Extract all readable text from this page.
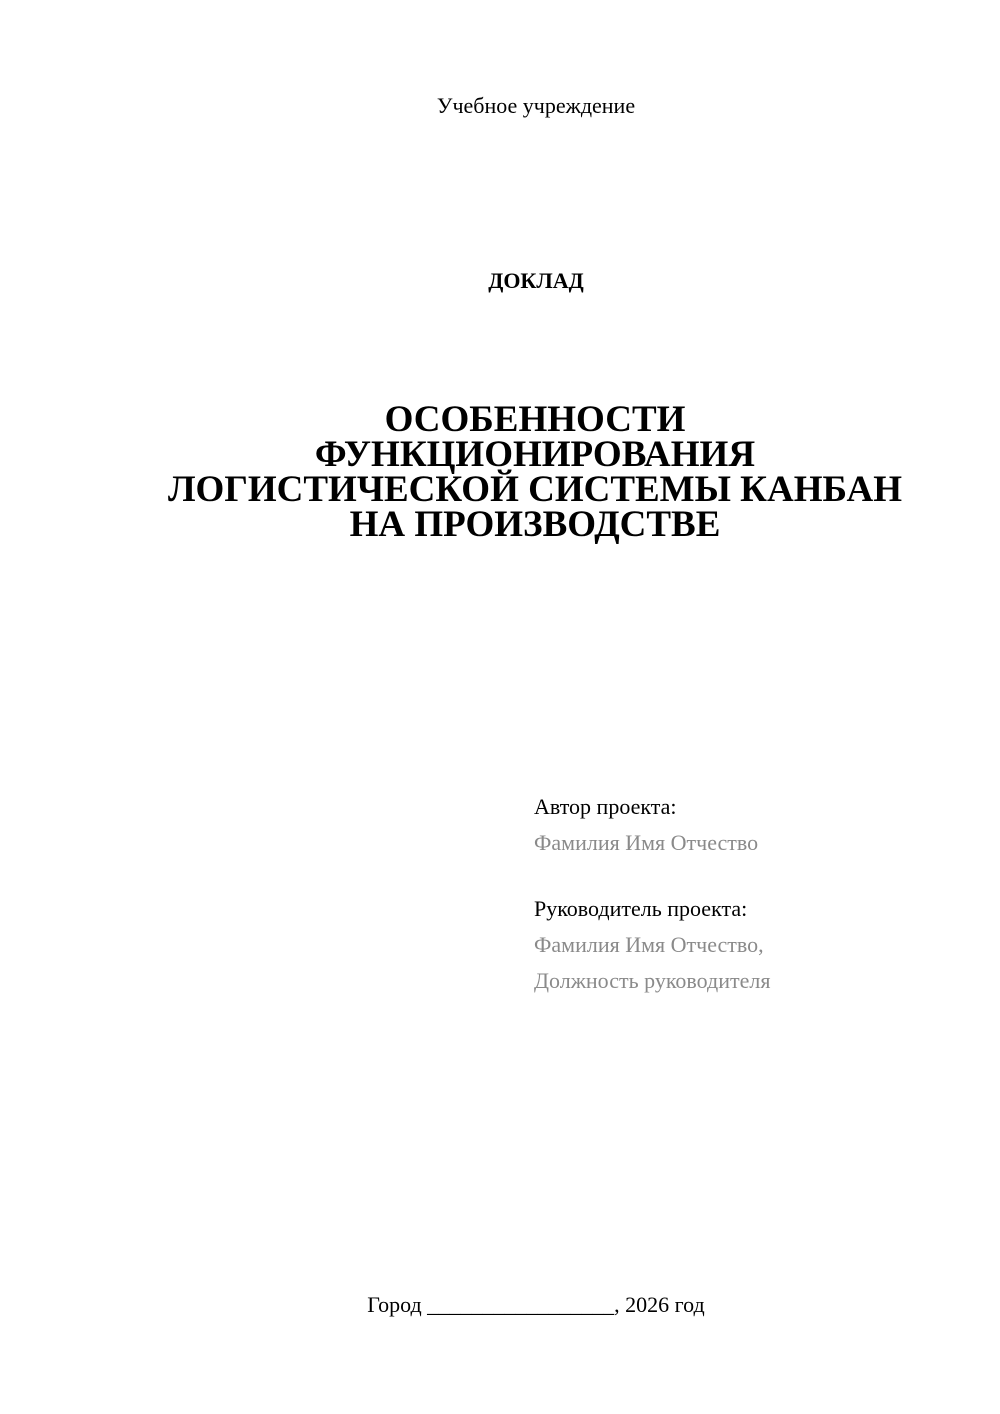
Учебное учреждение
ДОКЛАД
ОСОБЕННОСТИ
ФУНКЦИОНИРОВАНИЯ
ЛОГИСТИЧЕСКОЙ СИСТЕМЫ КАНБАН
НА ПРОИЗВОДСТВЕ
Автор проекта:
Фамилия Имя Отчество
Руководитель проекта:
Фамилия Имя Отчество,
Должность руководителя
Город _________________, 2026 год
